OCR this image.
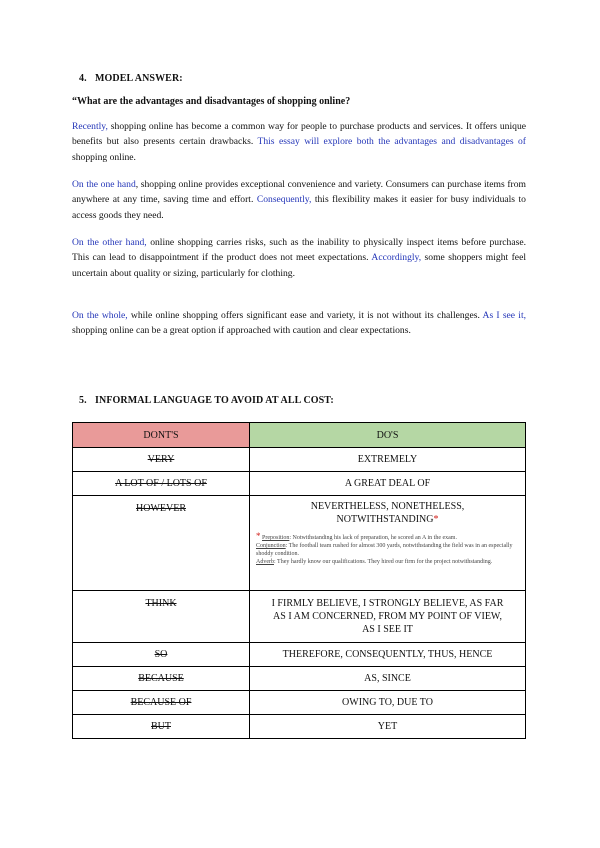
4. MODEL ANSWER:
“What are the advantages and disadvantages of shopping online?

Recently, shopping online has become a common way for people to purchase products and services. It offers unique benefits but also presents certain drawbacks. This essay will explore both the advantages and disadvantages of shopping online.

On the one hand, shopping online provides exceptional convenience and variety. Consumers can purchase items from anywhere at any time, saving time and effort. Consequently, this flexibility makes it easier for busy individuals to access goods they need.

On the other hand, online shopping carries risks, such as the inability to physically inspect items before purchase. This can lead to disappointment if the product does not meet expectations. Accordingly, some shoppers might feel uncertain about quality or sizing, particularly for clothing.

On the whole, while online shopping offers significant ease and variety, it is not without its challenges. As I see it, shopping online can be a great option if approached with caution and clear expectations.

5. INFORMAL LANGUAGE TO AVOID AT ALL COST:
DONT'S	DO'S
VERY	EXTREMELY
A LOT OF / LOTS OF	A GREAT DEAL OF
HOWEVER	NEVERTHELESS, NONETHELESS, NOTWITHSTANDING*
* Preposition: Notwithstanding his lack of preparation, he scored an A in the exam.
Conjunction: The football team rushed for almost 300 yards, notwithstanding the field was in an especially shoddy condition.
Adverb: They hardly know our qualifications. They hired our firm for the project notwithstanding.

THINK	I FIRMLY BELIEVE, I STRONGLY BELIEVE, AS FAR AS I AM CONCERNED, FROM MY POINT OF VIEW, AS I SEE IT
SO	THEREFORE, CONSEQUENTLY, THUS, HENCE
BECAUSE	AS, SINCE
BECAUSE OF	OWING TO, DUE TO
BUT	YET
